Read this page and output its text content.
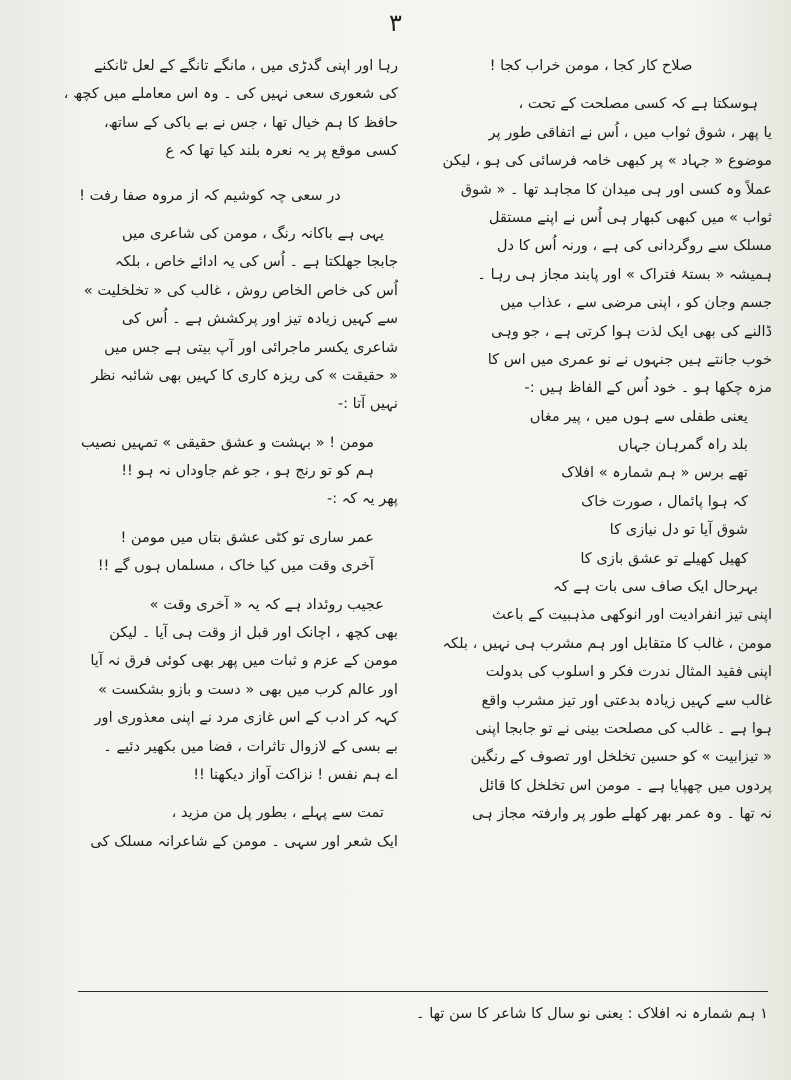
۳
صلاح کار کجا ، مومن خراب کجا !
ہوسکتا ہے کہ کسی مصلحت کے تحت ،
یا پھر ، شوق ثواب میں ، اُس نے اتفاقی طور پر
موضوع « جہاد » پر کبھی خامہ فرسائی کی ہو ، لیکن
عملاً وہ کسی اور ہی میدان کا مجاہد تھا ۔ « شوق
ثواب » میں کبھی کبھار ہی اُس نے اپنے مستقل
مسلک سے روگردانی کی ہے ، ورنہ اُس کا دل
ہمیشہ « بستۂ فتراک » اور پابند مجاز ہی رہا ۔
جسم وجان کو ، اپنی مرضی سے ، عذاب میں
ڈالنے کی بھی ایک لذت ہوا کرتی ہے ، جو وہی
خوب جانتے ہیں جنہوں نے نو عمری میں اس کا
مزہ چکھا ہو ۔ خود اُس کے الفاظ ہیں :-
یعنی طفلی سے ہوں میں ، پیر مغاں
بلد راہ گمرہان جہاں
تھے برس « ہم شمارہ » افلاک
کہ ہوا پائمال ، صورت خاک
شوق آیا تو دل نیازی کا
کھیل کھیلے تو عشق بازی کا
بہرحال ایک صاف سی بات ہے کہ
اپنی تیز انفرادیت اور انوکھی مذہبیت کے باعث
مومن ، غالب کا متقابل اور ہم مشرب ہی نہیں ، بلکہ
اپنی فقید المثال ندرت فکر و اسلوب کی بدولت
غالب سے کہیں زیادہ بدعتی اور تیز مشرب واقع
ہوا ہے ۔ غالب کی مصلحت بینی نے تو جابجا اپنی
« تیزابیت » کو حسین تخلخل اور تصوف کے رنگین
پردوں میں چھپایا ہے ۔ مومن اس تخلخل کا قائل
نہ تھا ۔ وہ عمر بھر کھلے طور پر وارفتہ مجاز ہی
رہا اور اپنی گدڑی میں ، مانگے تانگے کے لعل ٹانکنے
کی شعوری سعی نہیں کی ۔ وہ اس معاملے میں کچھ ،
حافظ کا ہم خیال تھا ، جس نے بے باکی کے ساتھ،
کسی موقع پر یہ نعرہ بلند کیا تھا کہ ع
در سعی چہ کوشیم کہ از مروہ صفا رفت !
یہی ہے باکانہ رنگ ، مومن کی شاعری میں
جابجا جھلکتا ہے ۔ اُس کی یہ ادائے خاص ، بلکہ
اُس کی خاص الخاص روش ، غالب کی « تخلخلیت »
سے کہیں زیادہ تیز اور پرکشش ہے ۔ اُس کی
شاعری یکسر ماجرائی اور آپ بیتی ہے جس میں
« حقیقت » کی ریزہ کاری کا کہیں بھی شائبہ نظر
نہیں آتا :-
مومن ! « بہشت و عشق حقیقی » تمہیں نصیب
ہم کو تو رنج ہو ، جو غم جاوداں نہ ہو !!
پھر یہ کہ :-
عمر ساری تو کٹی عشق بتاں میں مومن !
آخری وقت میں کیا خاک ، مسلماں ہوں گے !!
عجیب روئداد ہے کہ یہ « آخری وقت »
بھی کچھ ، اچانک اور قبل از وقت ہی آیا ۔ لیکن
مومن کے عزم و ثبات میں پھر بھی کوئی فرق نہ آیا
اور عالم کرب میں بھی « دست و بازو بشکست »
کہہ کر ادب کے اس غازی مرد نے اپنی معذوری اور
بے بسی کے لازوال تاثرات ، فضا میں بکھیر دئیے ۔
اے ہم نفس ! نزاکت آواز دیکھنا !!
تمت سے پہلے ، بطور پل من مزید ،
ایک شعر اور سہی ۔ مومن کے شاعرانہ مسلک کی
۱ ہم شمارہ نہ افلاک : یعنی نو سال کا شاعر کا سن تھا ۔
